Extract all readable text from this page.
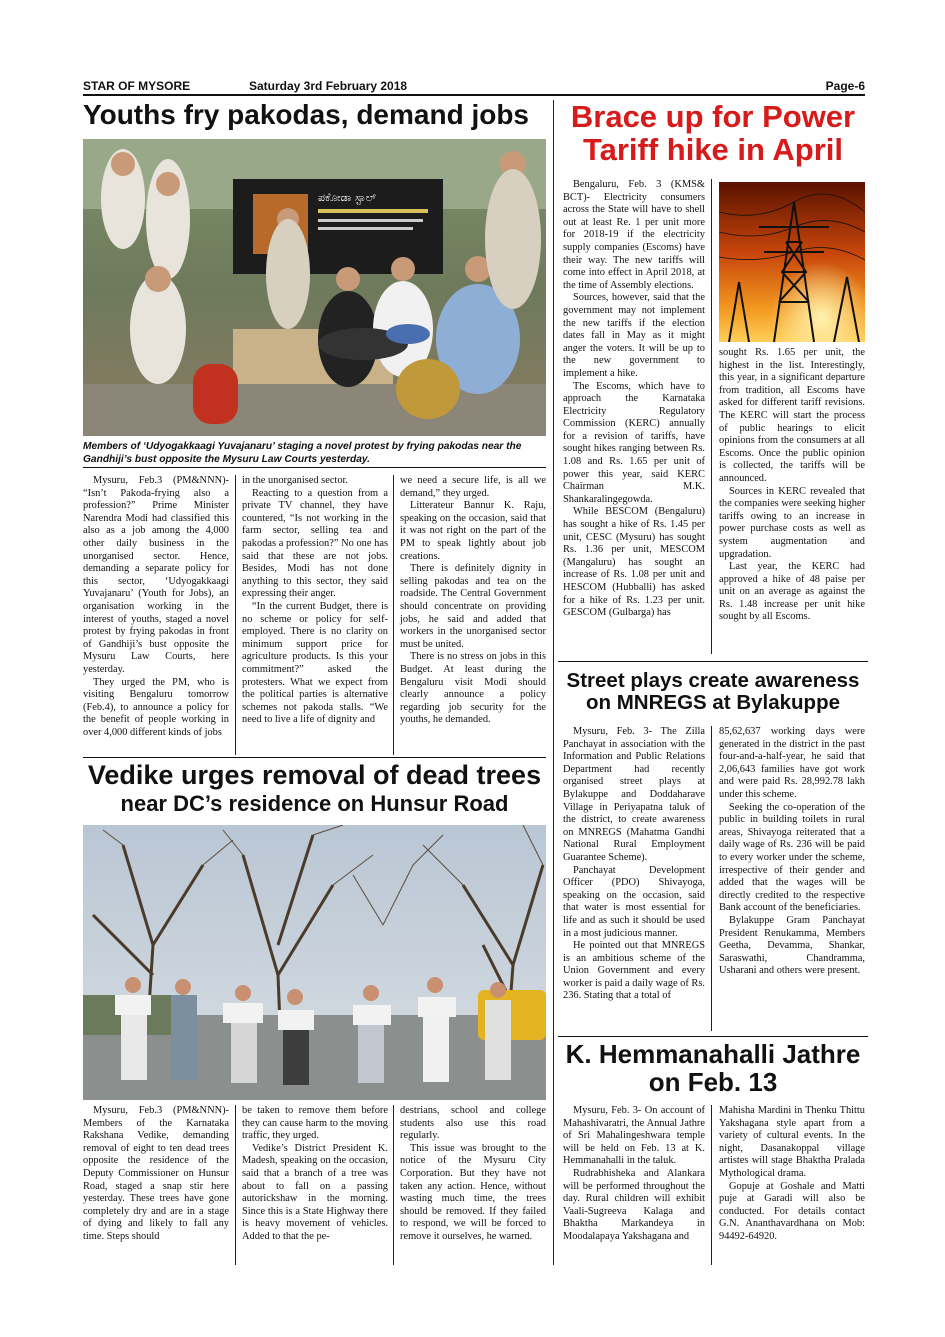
STAR OF MYSORE	Saturday 3rd February 2018	Page-6
Youths fry pakodas, demand jobs
ಪಕೋಡಾ ಸ್ಟಾಲ್
Members of ‘Udyogakkaagi Yuvajanaru’ staging a novel protest by frying pakodas near the Gandhiji’s bust opposite the Mysuru Law Courts yesterday.

Mysuru, Feb.3 (PM&NNN)- “Isn’t Pakoda-frying also a profession?” Prime Minister Narendra Modi had classified this also as a job among the 4,000 other daily business in the unorganised sector. Hence, demanding a separate policy for this sector, ‘Udyogakkaagi Yuvajanaru’ (Youth for Jobs), an organisation working in the interest of youths, staged a novel protest by frying pakodas in front of Gandhiji’s bust opposite the Mysuru Law Courts, here yesterday.

They urged the PM, who is visiting Bengaluru tomorrow (Feb.4), to announce a policy for the benefit of people working in over 4,000 different kinds of jobs

in the unorganised sector.

Reacting to a question from a private TV channel, they have countered, “Is not working in the farm sector, selling tea and pakodas a profession?” No one has said that these are not jobs. Besides, Modi has not done anything to this sector, they said expressing their anger.

“In the current Budget, there is no scheme or policy for self-employed. There is no clarity on minimum support price for agriculture products. Is this your commitment?” asked the protesters. What we expect from the political parties is alternative schemes not pakoda stalls. “We need to live a life of dignity and

we need a secure life, is all we demand,” they urged.

Litterateur Bannur K. Raju, speaking on the occasion, said that it was not right on the part of the PM to speak lightly about job creations.

There is definitely dignity in selling pakodas and tea on the roadside. The Central Government should concentrate on providing jobs, he said and added that workers in the unorganised sector must be united.

There is no stress on jobs in this Budget. At least during the Bengaluru visit Modi should clearly announce a policy regarding job security for the youths, he demanded.

Brace up for Power
Tariff hike in April

Bengaluru, Feb. 3 (KMS& BCT)- Electricity consumers across the State will have to shell out at least Re. 1 per unit more for 2018-19 if the electricity supply companies (Escoms) have their way. The new tariffs will come into effect in April 2018, at the time of Assembly elections.

Sources, however, said that the government may not implement the new tariffs if the election dates fall in May as it might anger the voters. It will be up to the new government to implement a hike.

The Escoms, which have to approach the Karnataka Electricity Regulatory Commission (KERC) annually for a revision of tariffs, have sought hikes ranging between Rs. 1.08 and Rs. 1.65 per unit of power this year, said KERC Chairman M.K. Shankaralingegowda.

While BESCOM (Bengaluru) has sought a hike of Rs. 1.45 per unit, CESC (Mysuru) has sought Rs. 1.36 per unit, MESCOM (Mangaluru) has sought an increase of Rs. 1.08 per unit and HESCOM (Hubballi) has asked for a hike of Rs. 1.23 per unit. GESCOM (Gulbarga) has

sought Rs. 1.65 per unit, the highest in the list. Interestingly, this year, in a significant departure from tradition, all Escoms have asked for different tariff revisions. The KERC will start the process of public hearings to elicit opinions from the consumers at all Escoms. Once the public opinion is collected, the tariffs will be announced.

Sources in KERC revealed that the companies were seeking higher tariffs owing to an increase in power purchase costs as well as system augmentation and upgradation.

Last year, the KERC had approved a hike of 48 paise per unit on an average as against the Rs. 1.48 increase per unit hike sought by all Escoms.

Street plays create awareness
on MNREGS at Bylakuppe

Mysuru, Feb. 3- The Zilla Panchayat in association with the Information and Public Relations Department had recently organised street plays at Bylakuppe and Doddaharave Village in Periyapatna taluk of the district, to create awareness on MNREGS (Mahatma Gandhi National Rural Employment Guarantee Scheme).

Panchayat Development Officer (PDO) Shivayoga, speaking on the occasion, said that water is most essential for life and as such it should be used in a most judicious manner.

He pointed out that MNREGS is an ambitious scheme of the Union Government and every worker is paid a daily wage of Rs. 236. Stating that a total of

85,62,637 working days were generated in the district in the past four-and-a-half-year, he said that 2,06,643 families have got work and were paid Rs. 28,992.78 lakh under this scheme.

Seeking the co-operation of the public in building toilets in rural areas, Shivayoga reiterated that a daily wage of Rs. 236 will be paid to every worker under the scheme, irrespective of their gender and added that the wages will be directly credited to the respective Bank account of the beneficiaries.

Bylakuppe Gram Panchayat President Renukamma, Members Geetha, Devamma, Shankar, Saraswathi, Chandramma, Usharani and others were present.

Vedike urges removal of dead trees
near DC’s residence on Hunsur Road

Mysuru, Feb.3 (PM&NNN)- Members of the Karnataka Rakshana Vedike, demanding removal of eight to ten dead trees opposite the residence of the Deputy Commissioner on Hunsur Road, staged a snap stir here yesterday. These trees have gone completely dry and are in a stage of dying and likely to fall any time. Steps should

be taken to remove them before they can cause harm to the moving traffic, they urged.

Vedike’s District President K. Madesh, speaking on the occasion, said that a branch of a tree was about to fall on a passing autorickshaw in the morning. Since this is a State Highway there is heavy movement of vehicles. Added to that the pe-

destrians, school and college students also use this road regularly.

This issue was brought to the notice of the Mysuru City Corporation. But they have not taken any action. Hence, without wasting much time, the trees should be removed. If they failed to respond, we will be forced to remove it ourselves, he warned.

K. Hemmanahalli Jathre
on Feb. 13

Mysuru, Feb. 3- On account of Mahashivaratri, the Annual Jathre of Sri Mahalingeshwara temple will be held on Feb. 13 at K. Hemmanahalli in the taluk.

Rudrabhisheka and Alankara will be performed throughout the day. Rural children will exhibit Vaali-Sugreeva Kalaga and Bhaktha Markandeya in Moodalapaya Yakshagana and

Mahisha Mardini in Thenku Thittu Yakshagana style apart from a variety of cultural events. In the night, Dasanakoppal village artistes will stage Bhaktha Pralada Mythological drama.

Gopuje at Goshale and Matti puje at Garadi will also be conducted. For details contact G.N. Ananthavardhana on Mob: 94492-64920.
